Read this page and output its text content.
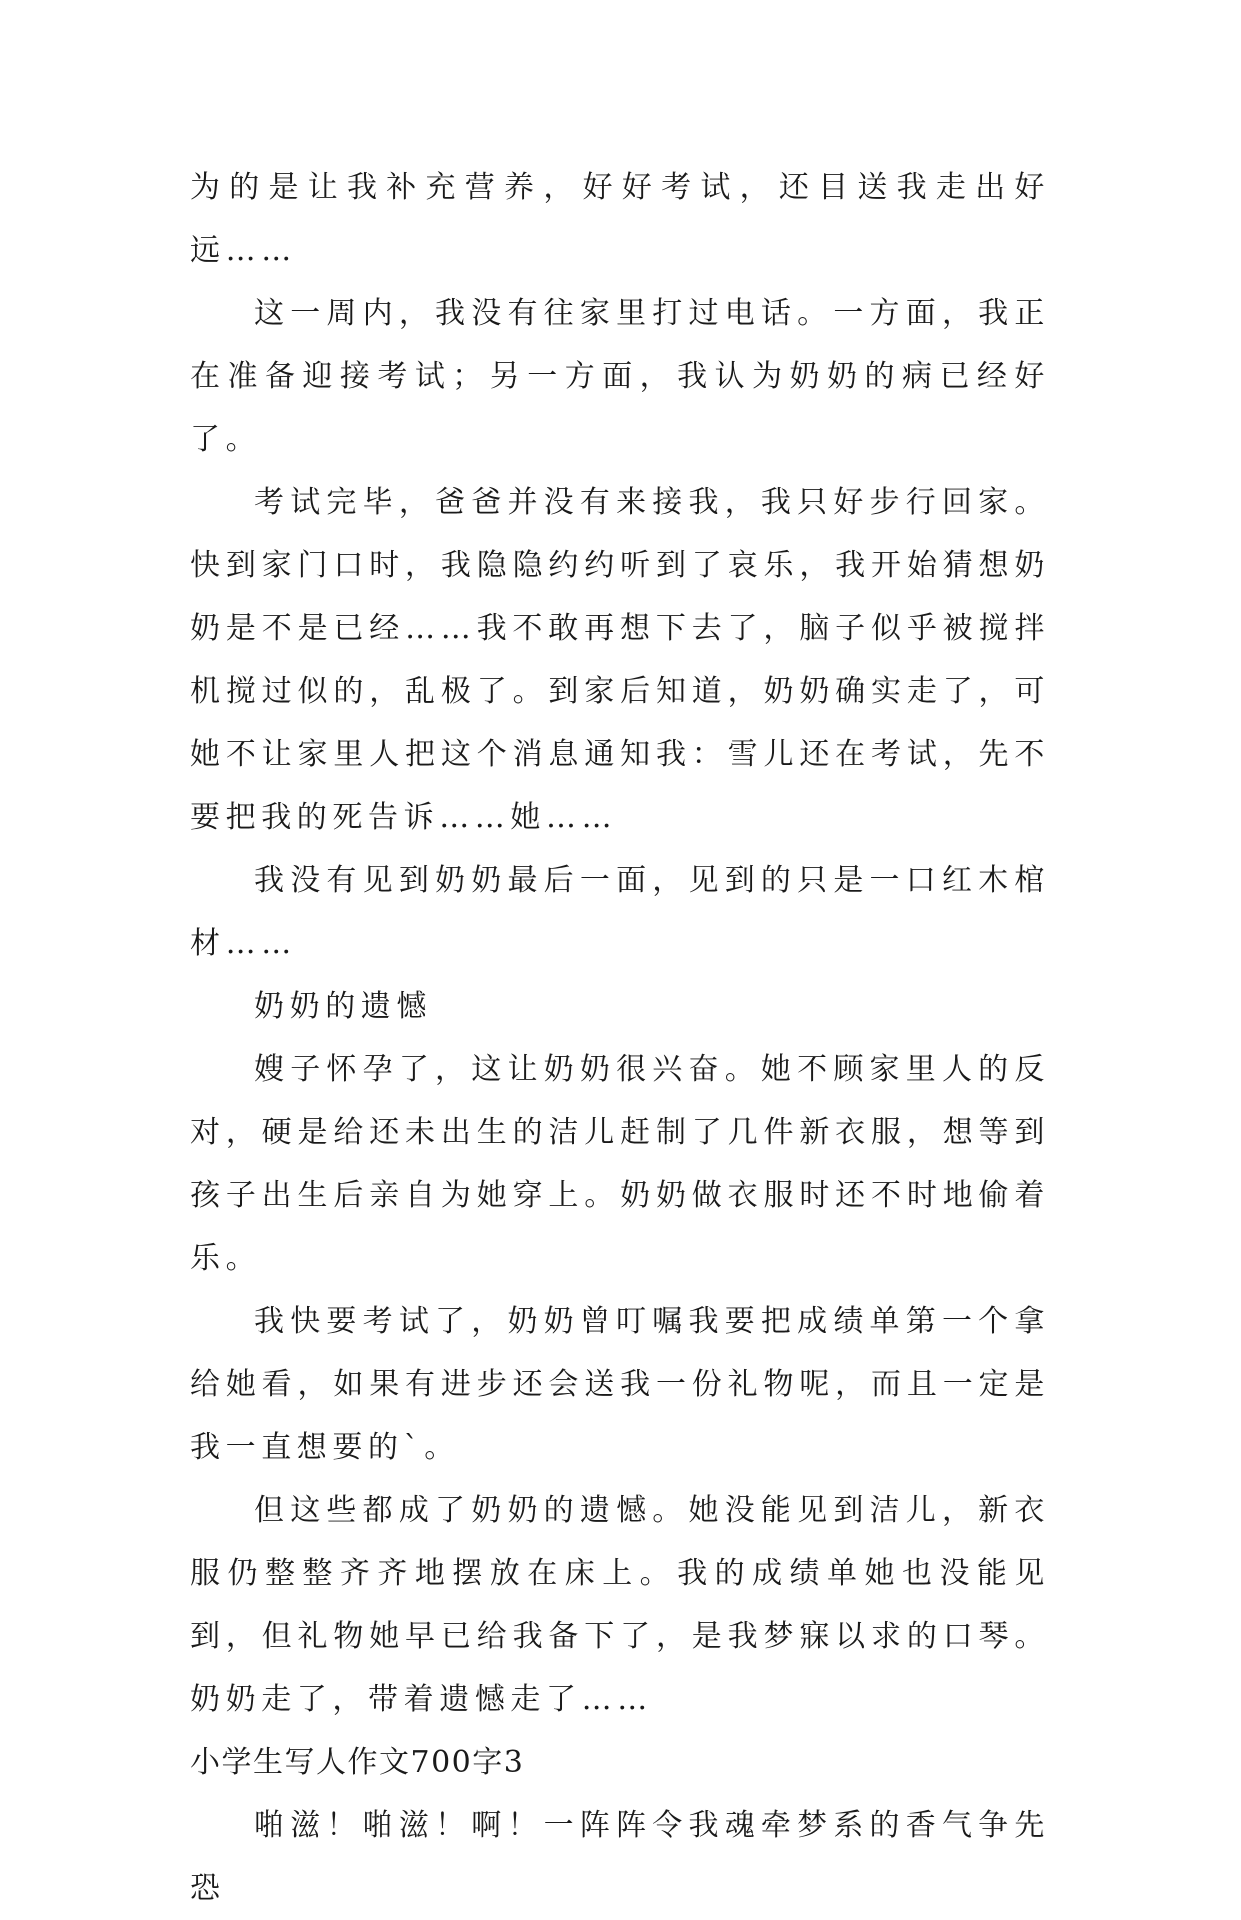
为的是让我补充营养，好好考试，还目送我走出好远……

这一周内，我没有往家里打过电话。一方面，我正在准备迎接考试；另一方面，我认为奶奶的病已经好了。

考试完毕，爸爸并没有来接我，我只好步行回家。快到家门口时，我隐隐约约听到了哀乐，我开始猜想奶奶是不是已经……我不敢再想下去了，脑子似乎被搅拌机搅过似的，乱极了。到家后知道，奶奶确实走了，可她不让家里人把这个消息通知我：雪儿还在考试，先不要把我的死告诉……她……

我没有见到奶奶最后一面，见到的只是一口红木棺材……

奶奶的遗憾

嫂子怀孕了，这让奶奶很兴奋。她不顾家里人的反对，硬是给还未出生的洁儿赶制了几件新衣服，想等到孩子出生后亲自为她穿上。奶奶做衣服时还不时地偷着乐。

我快要考试了，奶奶曾叮嘱我要把成绩单第一个拿给她看，如果有进步还会送我一份礼物呢，而且一定是我一直想要的`。

但这些都成了奶奶的遗憾。她没能见到洁儿，新衣服仍整整齐齐地摆放在床上。我的成绩单她也没能见到，但礼物她早已给我备下了，是我梦寐以求的口琴。奶奶走了，带着遗憾走了……

小学生写人作文700字3

啪滋！啪滋！啊！一阵阵令我魂牵梦系的香气争先恐
